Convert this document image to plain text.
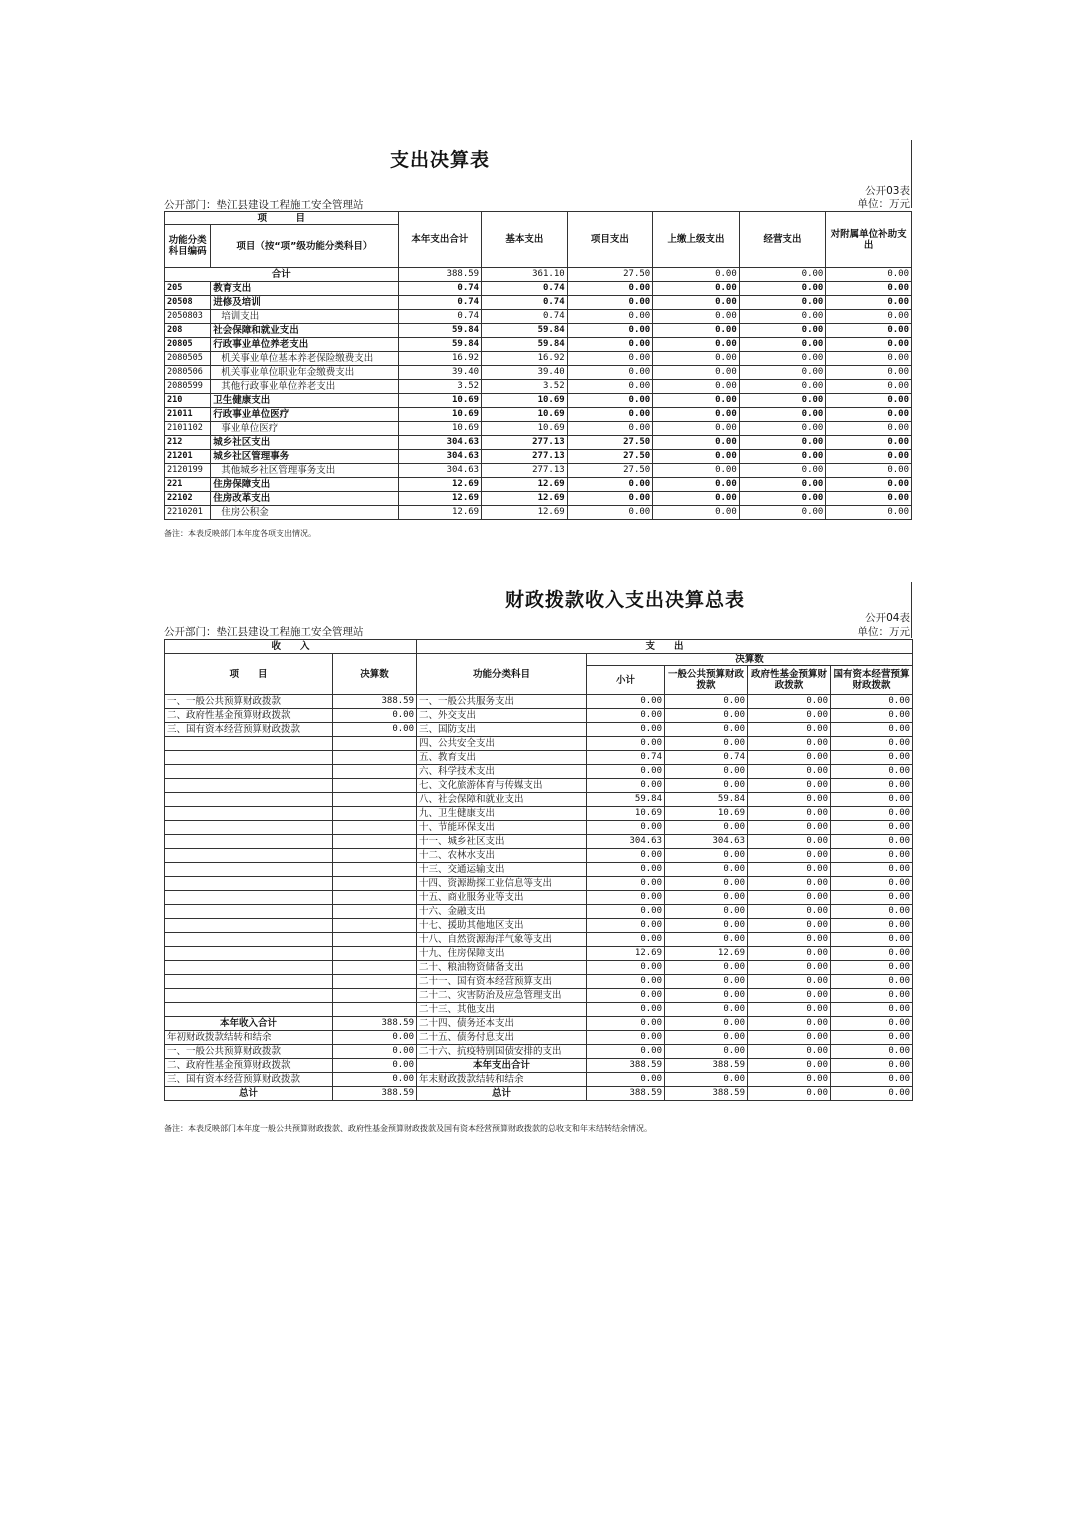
支出决算表
公开03表
公开部门：垫江县建设工程施工安全管理站	单位：万元
项　　　目		本年支出合计	基本支出	项目支出	上缴上级支出	经营支出	对附属单位补助支出
功能分类科目编码	项目（按“项”级功能分类科目）						
合计		388.59	361.10	27.50	0.00	0.00	0.00
205	教育支出	0.74	0.74	0.00	0.00	0.00	0.00
20508	进修及培训	0.74	0.74	0.00	0.00	0.00	0.00
2050803	培训支出	0.74	0.74	0.00	0.00	0.00	0.00
208	社会保障和就业支出	59.84	59.84	0.00	0.00	0.00	0.00
20805	行政事业单位养老支出	59.84	59.84	0.00	0.00	0.00	0.00
2080505	机关事业单位基本养老保险缴费支出	16.92	16.92	0.00	0.00	0.00	0.00
2080506	机关事业单位职业年金缴费支出	39.40	39.40	0.00	0.00	0.00	0.00
2080599	其他行政事业单位养老支出	3.52	3.52	0.00	0.00	0.00	0.00
210	卫生健康支出	10.69	10.69	0.00	0.00	0.00	0.00
21011	行政事业单位医疗	10.69	10.69	0.00	0.00	0.00	0.00
2101102	事业单位医疗	10.69	10.69	0.00	0.00	0.00	0.00
212	城乡社区支出	304.63	277.13	27.50	0.00	0.00	0.00
21201	城乡社区管理事务	304.63	277.13	27.50	0.00	0.00	0.00
2120199	其他城乡社区管理事务支出	304.63	277.13	27.50	0.00	0.00	0.00
221	住房保障支出	12.69	12.69	0.00	0.00	0.00	0.00
22102	住房改革支出	12.69	12.69	0.00	0.00	0.00	0.00
2210201	住房公积金	12.69	12.69	0.00	0.00	0.00	0.00
备注：本表反映部门本年度各项支出情况。
财政拨款收入支出决算总表
公开04表
公开部门：垫江县建设工程施工安全管理站	单位：万元
收　　入		支　　出				
项　　目	决算数	功能分类科目	决算数			
			小计	一般公共预算财政拨款	政府性基金预算财政拨款	国有资本经营预算财政拨款
一、一般公共预算财政拨款	388.59	一、一般公共服务支出	0.00	0.00	0.00	0.00
二、政府性基金预算财政拨款	0.00	二、外交支出	0.00	0.00	0.00	0.00
三、国有资本经营预算财政拨款	0.00	三、国防支出	0.00	0.00	0.00	0.00
		四、公共安全支出	0.00	0.00	0.00	0.00
		五、教育支出	0.74	0.74	0.00	0.00
		六、科学技术支出	0.00	0.00	0.00	0.00
		七、文化旅游体育与传媒支出	0.00	0.00	0.00	0.00
		八、社会保障和就业支出	59.84	59.84	0.00	0.00
		九、卫生健康支出	10.69	10.69	0.00	0.00
		十、节能环保支出	0.00	0.00	0.00	0.00
		十一、城乡社区支出	304.63	304.63	0.00	0.00
		十二、农林水支出	0.00	0.00	0.00	0.00
		十三、交通运输支出	0.00	0.00	0.00	0.00
		十四、资源勘探工业信息等支出	0.00	0.00	0.00	0.00
		十五、商业服务业等支出	0.00	0.00	0.00	0.00
		十六、金融支出	0.00	0.00	0.00	0.00
		十七、援助其他地区支出	0.00	0.00	0.00	0.00
		十八、自然资源海洋气象等支出	0.00	0.00	0.00	0.00
		十九、住房保障支出	12.69	12.69	0.00	0.00
		二十、粮油物资储备支出	0.00	0.00	0.00	0.00
		二十一、国有资本经营预算支出	0.00	0.00	0.00	0.00
		二十二、灾害防治及应急管理支出	0.00	0.00	0.00	0.00
		二十三、其他支出	0.00	0.00	0.00	0.00
本年收入合计	388.59	二十四、债务还本支出	0.00	0.00	0.00	0.00
年初财政拨款结转和结余	0.00	二十五、债务付息支出	0.00	0.00	0.00	0.00
一、一般公共预算财政拨款	0.00	二十六、抗疫特别国债安排的支出	0.00	0.00	0.00	0.00
二、政府性基金预算财政拨款	0.00	本年支出合计	388.59	388.59	0.00	0.00
三、国有资本经营预算财政拨款	0.00	年末财政拨款结转和结余	0.00	0.00	0.00	0.00
总计	388.59	总计	388.59	388.59	0.00	0.00
备注：本表反映部门本年度一般公共预算财政拨款、政府性基金预算财政拨款及国有资本经营预算财政拨款的总收支和年末结转结余情况。
